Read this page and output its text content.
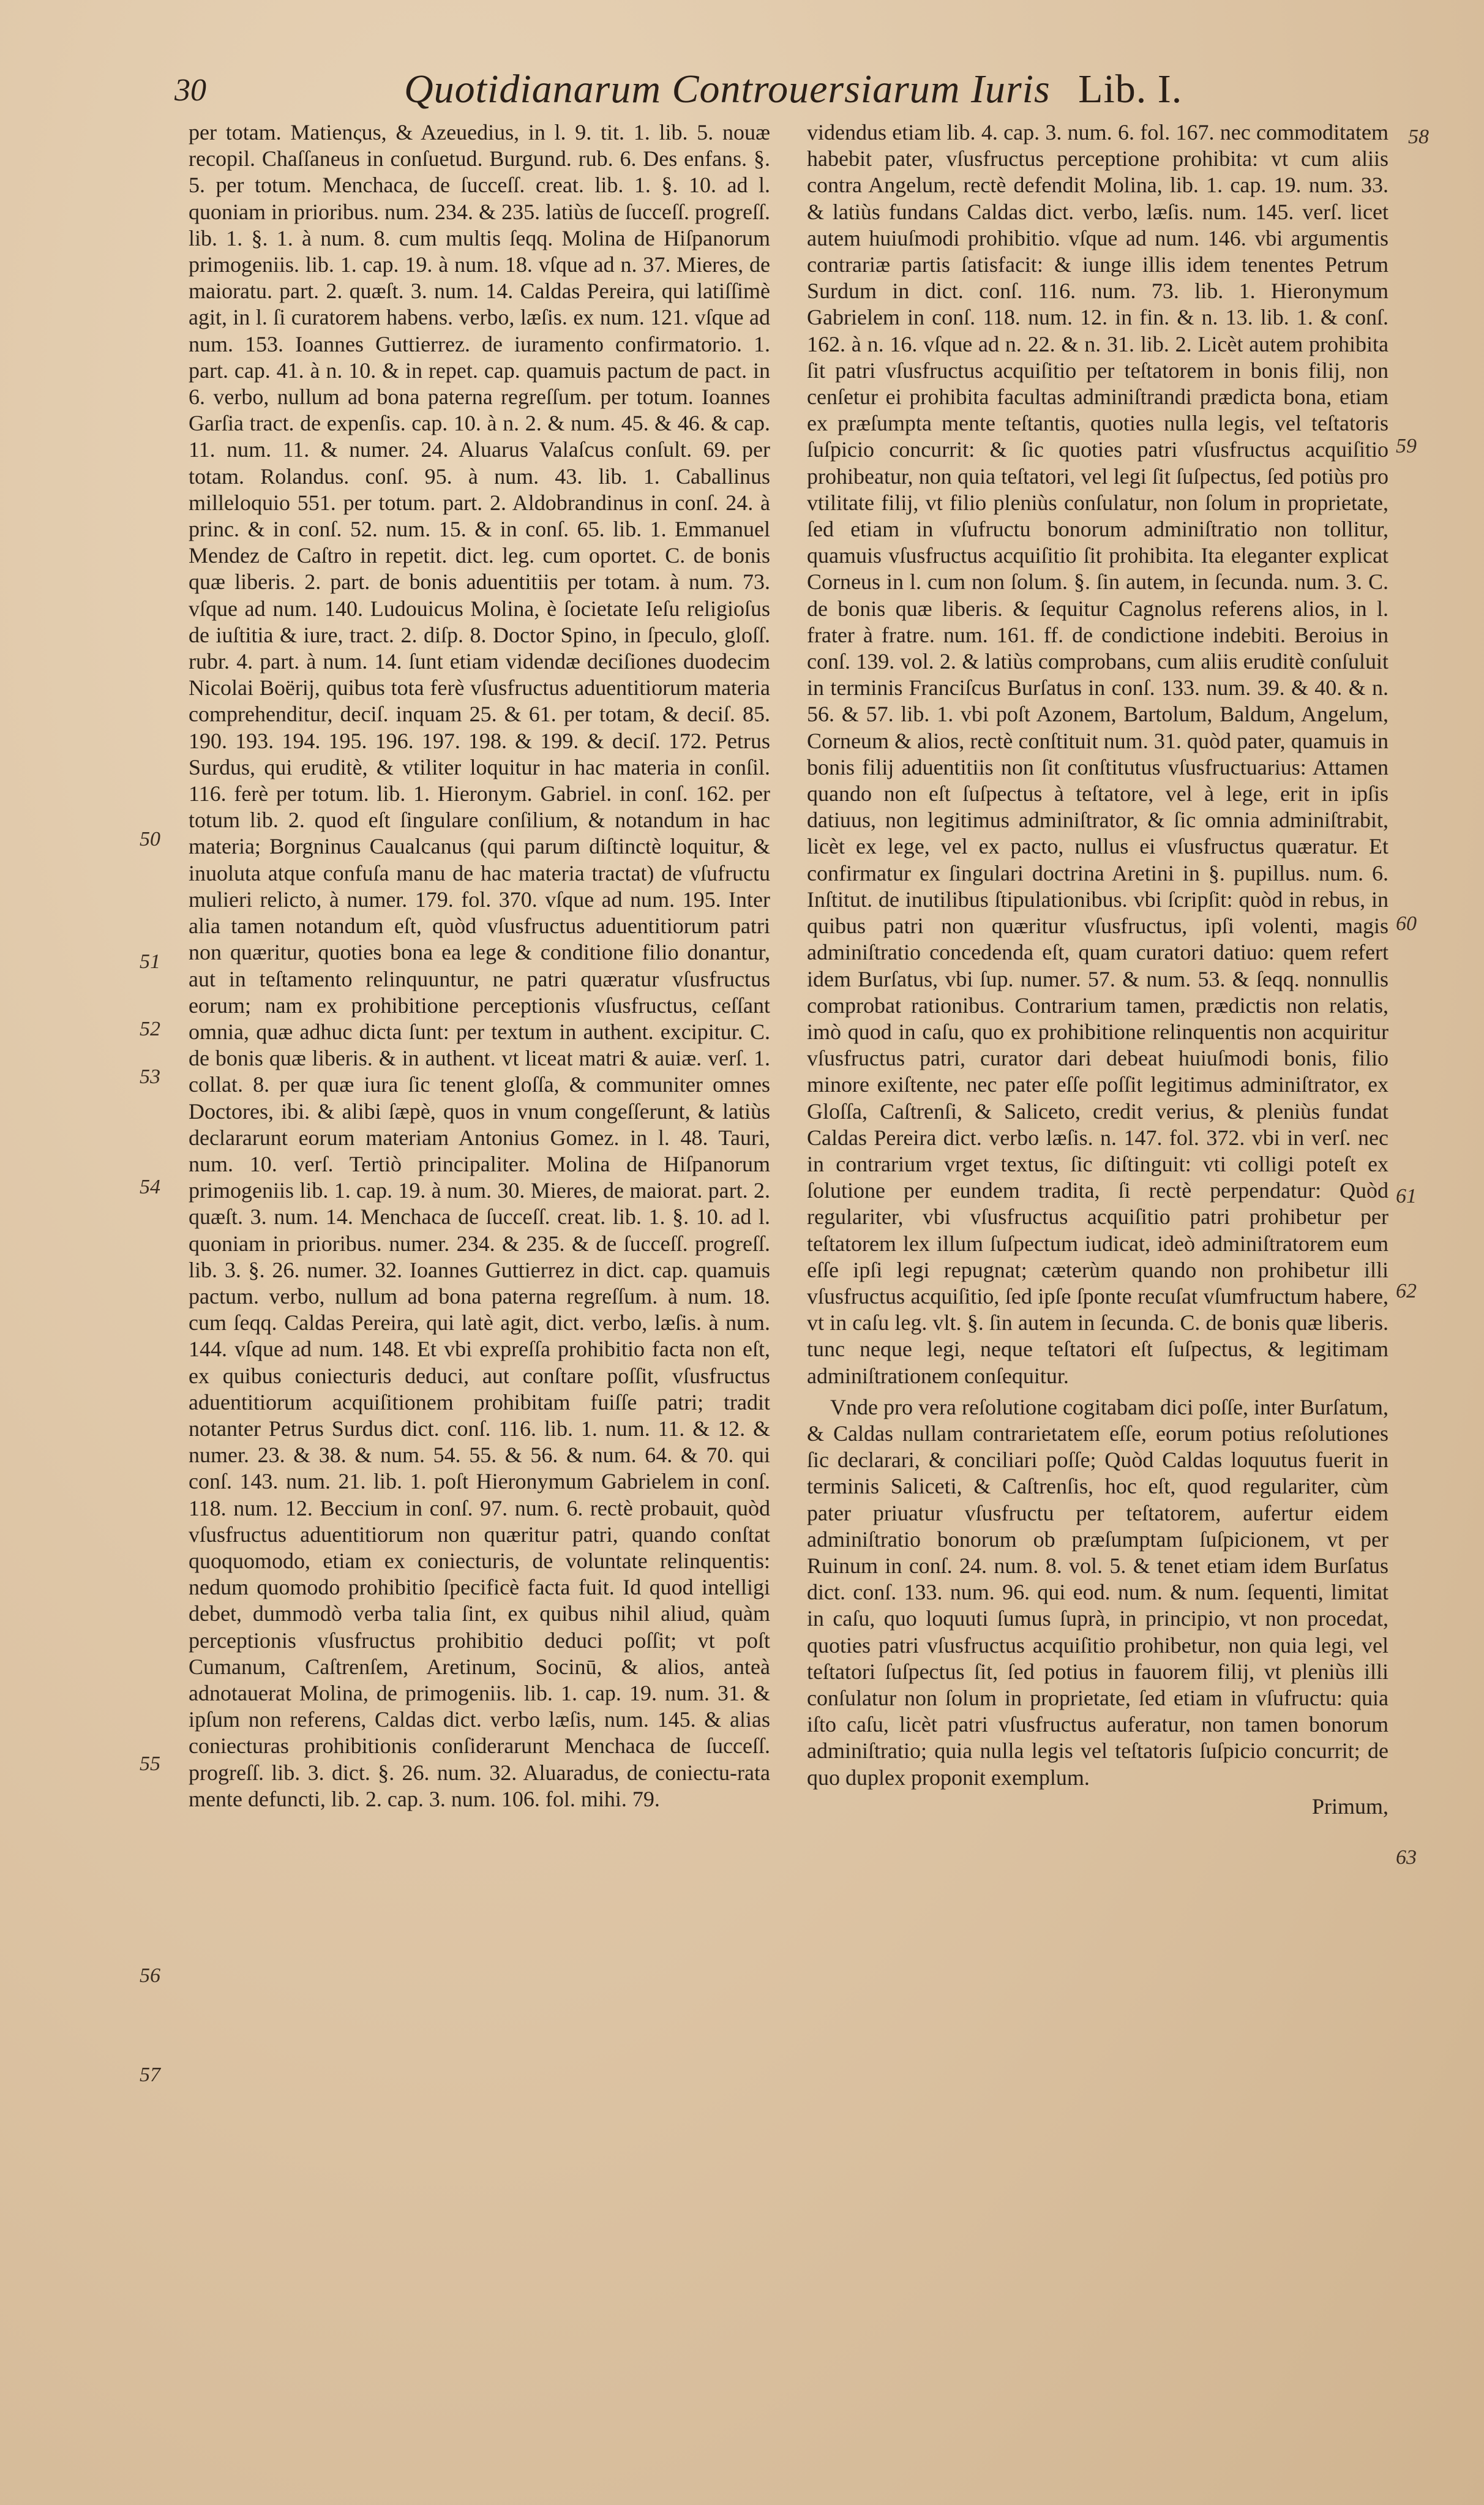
30	Quotidianarum Controuersiarum Iuris Lib. I.
50
51
52
53
54
55
56
57
58
59
60
61
62
63

per totam. Matienςus, & Azeuedius, in l. 9. tit. 1. lib. 5. nouæ recopil. Chaſſaneus in conſuetud. Burgund. rub. 6. Des enfans. §. 5. per totum. Menchaca, de ſucceſſ. creat. lib. 1. §. 10. ad l. quoniam in prioribus. num. 234. & 235. latiùs de ſucceſſ. progreſſ. lib. 1. §. 1. à num. 8. cum multis ſeqq. Molina de Hiſpanorum primogeniis. lib. 1. cap. 19. à num. 18. vſque ad n. 37. Mieres, de maioratu. part. 2. quæſt. 3. num. 14. Caldas Pereira, qui latiſſimè agit, in l. ſi curatorem habens. verbo, læſis. ex num. 121. vſque ad num. 153. Ioannes Guttierrez. de iuramento confirmatorio. 1. part. cap. 41. à n. 10. & in repet. cap. quamuis pactum de pact. in 6. verbo, nullum ad bona paterna regreſſum. per totum. Ioannes Garſia tract. de expenſis. cap. 10. à n. 2. & num. 45. & 46. & cap. 11. num. 11. & numer. 24. Aluarus Valaſcus conſult. 69. per totam. Rolandus. conſ. 95. à num. 43. lib. 1. Caballinus milleloquio 551. per totum. part. 2. Aldobrandinus in conſ. 24. à princ. & in conſ. 52. num. 15. & in conſ. 65. lib. 1. Emmanuel Mendez de Caſtro in repetit. dict. leg. cum oportet. C. de bonis quæ liberis. 2. part. de bonis aduentitiis per totam. à num. 73. vſque ad num. 140. Ludouicus Molina, è ſocietate Ieſu religioſus de iuſtitia & iure, tract. 2. diſp. 8. Doctor Spino, in ſpeculo, gloſſ. rubr. 4. part. à num. 14. ſunt etiam videndæ deciſiones duodecim Nicolai Boërij, quibus tota ferè vſusfructus aduentitiorum materia comprehenditur, deciſ. inquam 25. & 61. per totam, & deciſ. 85. 190. 193. 194. 195. 196. 197. 198. & 199. & deciſ. 172. Petrus Surdus, qui eruditè, & vtiliter loquitur in hac materia in conſil. 116. ferè per totum. lib. 1. Hieronym. Gabriel. in conſ. 162. per totum lib. 2. quod eſt ſingulare conſilium, & notandum in hac materia; Borgninus Caualcanus (qui parum diſtinctè loquitur, & inuoluta atque confuſa manu de hac materia tractat) de vſufructu mulieri relicto, à numer. 179. fol. 370. vſque ad num. 195. Inter alia tamen notandum eſt, quòd vſusfructus aduentitiorum patri non quæritur, quoties bona ea lege & conditione filio donantur, aut in teſtamento relinquuntur, ne patri quæratur vſusfructus eorum; nam ex prohibitione perceptionis vſusfructus, ceſſant omnia, quæ adhuc dicta ſunt: per textum in authent. excipitur. C. de bonis quæ liberis. & in authent. vt liceat matri & auiæ. verſ. 1. collat. 8. per quæ iura ſic tenent gloſſa, & communiter omnes Doctores, ibi. & alibi ſæpè, quos in vnum congeſſerunt, & latiùs declararunt eorum materiam Antonius Gomez. in l. 48. Tauri, num. 10. verſ. Tertiò principaliter. Molina de Hiſpanorum primogeniis lib. 1. cap. 19. à num. 30. Mieres, de maiorat. part. 2. quæſt. 3. num. 14. Menchaca de ſucceſſ. creat. lib. 1. §. 10. ad l. quoniam in prioribus. numer. 234. & 235. & de ſucceſſ. progreſſ. lib. 3. §. 26. numer. 32. Ioannes Guttierrez in dict. cap. quamuis pactum. verbo, nullum ad bona paterna regreſſum. à num. 18. cum ſeqq. Caldas Pereira, qui latè agit, dict. verbo, læſis. à num. 144. vſque ad num. 148. Et vbi expreſſa prohibitio facta non eſt, ex quibus coniecturis deduci, aut conſtare poſſit, vſusfructus aduentitiorum acquiſitionem prohibitam fuiſſe patri; tradit notanter Petrus Surdus dict. conſ. 116. lib. 1. num. 11. & 12. & numer. 23. & 38. & num. 54. 55. & 56. & num. 64. & 70. qui conſ. 143. num. 21. lib. 1. poſt Hieronymum Gabrielem in conſ. 118. num. 12. Beccium in conſ. 97. num. 6. rectè probauit, quòd vſusfructus aduentitiorum non quæritur patri, quando conſtat quoquomodo, etiam ex coniecturis, de voluntate relinquentis: nedum quomodo prohibitio ſpecificè facta fuit. Id quod intelligi debet, dummodò verba talia ſint, ex quibus nihil aliud, quàm perceptionis vſusfructus prohibitio deduci poſſit; vt poſt Cumanum, Caſtrenſem, Aretinum, Socinū, & alios, anteà adnotauerat Molina, de primogeniis. lib. 1. cap. 19. num. 31. & ipſum non referens, Caldas dict. verbo læſis, num. 145. & alias coniecturas prohibitionis conſiderarunt Menchaca de ſucceſſ. progreſſ. lib. 3. dict. §. 26. num. 32. Aluaradus, de coniectu-rata mente defuncti, lib. 2. cap. 3. num. 106. fol. mihi. 79.

videndus etiam lib. 4. cap. 3. num. 6. fol. 167. nec commoditatem habebit pater, vſusfructus perceptione prohibita: vt cum aliis contra Angelum, rectè defendit Molina, lib. 1. cap. 19. num. 33. & latiùs fundans Caldas dict. verbo, læſis. num. 145. verſ. licet autem huiuſmodi prohibitio. vſque ad num. 146. vbi argumentis contrariæ partis ſatisfacit: & iunge illis idem tenentes Petrum Surdum in dict. conſ. 116. num. 73. lib. 1. Hieronymum Gabrielem in conſ. 118. num. 12. in fin. & n. 13. lib. 1. & conſ. 162. à n. 16. vſque ad n. 22. & n. 31. lib. 2. Licèt autem prohibita ſit patri vſusfructus acquiſitio per teſtatorem in bonis filij, non cenſetur ei prohibita facultas adminiſtrandi prædicta bona, etiam ex præſumpta mente teſtantis, quoties nulla legis, vel teſtatoris ſuſpicio concurrit: & ſic quoties patri vſusfructus acquiſitio prohibeatur, non quia teſtatori, vel legi ſit ſuſpectus, ſed potiùs pro vtilitate filij, vt filio pleniùs conſulatur, non ſolum in proprietate, ſed etiam in vſufructu bonorum adminiſtratio non tollitur, quamuis vſusfructus acquiſitio ſit prohibita. Ita eleganter explicat Corneus in l. cum non ſolum. §. ſin autem, in ſecunda. num. 3. C. de bonis quæ liberis. & ſequitur Cagnolus referens alios, in l. frater à fratre. num. 161. ff. de condictione indebiti. Beroius in conſ. 139. vol. 2. & latiùs comprobans, cum aliis eruditè conſuluit in terminis Franciſcus Burſatus in conſ. 133. num. 39. & 40. & n. 56. & 57. lib. 1. vbi poſt Azonem, Bartolum, Baldum, Angelum, Corneum & alios, rectè conſtituit num. 31. quòd pater, quamuis in bonis filij aduentitiis non ſit conſtitutus vſusfructuarius: Attamen quando non eſt ſuſpectus à teſtatore, vel à lege, erit in ipſis datiuus, non legitimus adminiſtrator, & ſic omnia adminiſtrabit, licèt ex lege, vel ex pacto, nullus ei vſusfructus quæratur. Et confirmatur ex ſingulari doctrina Aretini in §. pupillus. num. 6. Inſtitut. de inutilibus ſtipulationibus. vbi ſcripſit: quòd in rebus, in quibus patri non quæritur vſusfructus, ipſi volenti, magis adminiſtratio concedenda eſt, quam curatori datiuo: quem refert idem Burſatus, vbi ſup. numer. 57. & num. 53. & ſeqq. nonnullis comprobat rationibus. Contrarium tamen, prædictis non relatis, imò quod in caſu, quo ex prohibitione relinquentis non acquiritur vſusfructus patri, curator dari debeat huiuſmodi bonis, filio minore exiſtente, nec pater eſſe poſſit legitimus adminiſtrator, ex Gloſſa, Caſtrenſi, & Saliceto, credit verius, & pleniùs fundat Caldas Pereira dict. verbo læſis. n. 147. fol. 372. vbi in verſ. nec in contrarium vrget textus, ſic diſtinguit: vti colligi poteſt ex ſolutione per eundem tradita, ſi rectè perpendatur: Quòd regulariter, vbi vſusfructus acquiſitio patri prohibetur per teſtatorem lex illum ſuſpectum iudicat, ideò adminiſtratorem eum eſſe ipſi legi repugnat; cæterùm quando non prohibetur illi vſusfructus acquiſitio, ſed ipſe ſponte recuſat vſumfructum habere, vt in caſu leg. vlt. §. ſin autem in ſecunda. C. de bonis quæ liberis. tunc neque legi, neque teſtatori eſt ſuſpectus, & legitimam adminiſtrationem conſequitur.

Vnde pro vera reſolutione cogitabam dici poſſe, inter Burſatum, & Caldas nullam contrarietatem eſſe, eorum potius reſolutiones ſic declarari, & conciliari poſſe; Quòd Caldas loquutus fuerit in terminis Saliceti, & Caſtrenſis, hoc eſt, quod regulariter, cùm pater priuatur vſusfructu per teſtatorem, aufertur eidem adminiſtratio bonorum ob præſumptam ſuſpicionem, vt per Ruinum in conſ. 24. num. 8. vol. 5. & tenet etiam idem Burſatus dict. conſ. 133. num. 96. qui eod. num. & num. ſequenti, limitat in caſu, quo loquuti ſumus ſuprà, in principio, vt non procedat, quoties patri vſusfructus acquiſitio prohibetur, non quia legi, vel teſtatori ſuſpectus ſit, ſed potius in fauorem filij, vt pleniùs illi conſulatur non ſolum in proprietate, ſed etiam in vſufructu: quia iſto caſu, licèt patri vſusfructus auferatur, non tamen bonorum adminiſtratio; quia nulla legis vel teſtatoris ſuſpicio concurrit; de quo duplex proponit exemplum.

Primum,
